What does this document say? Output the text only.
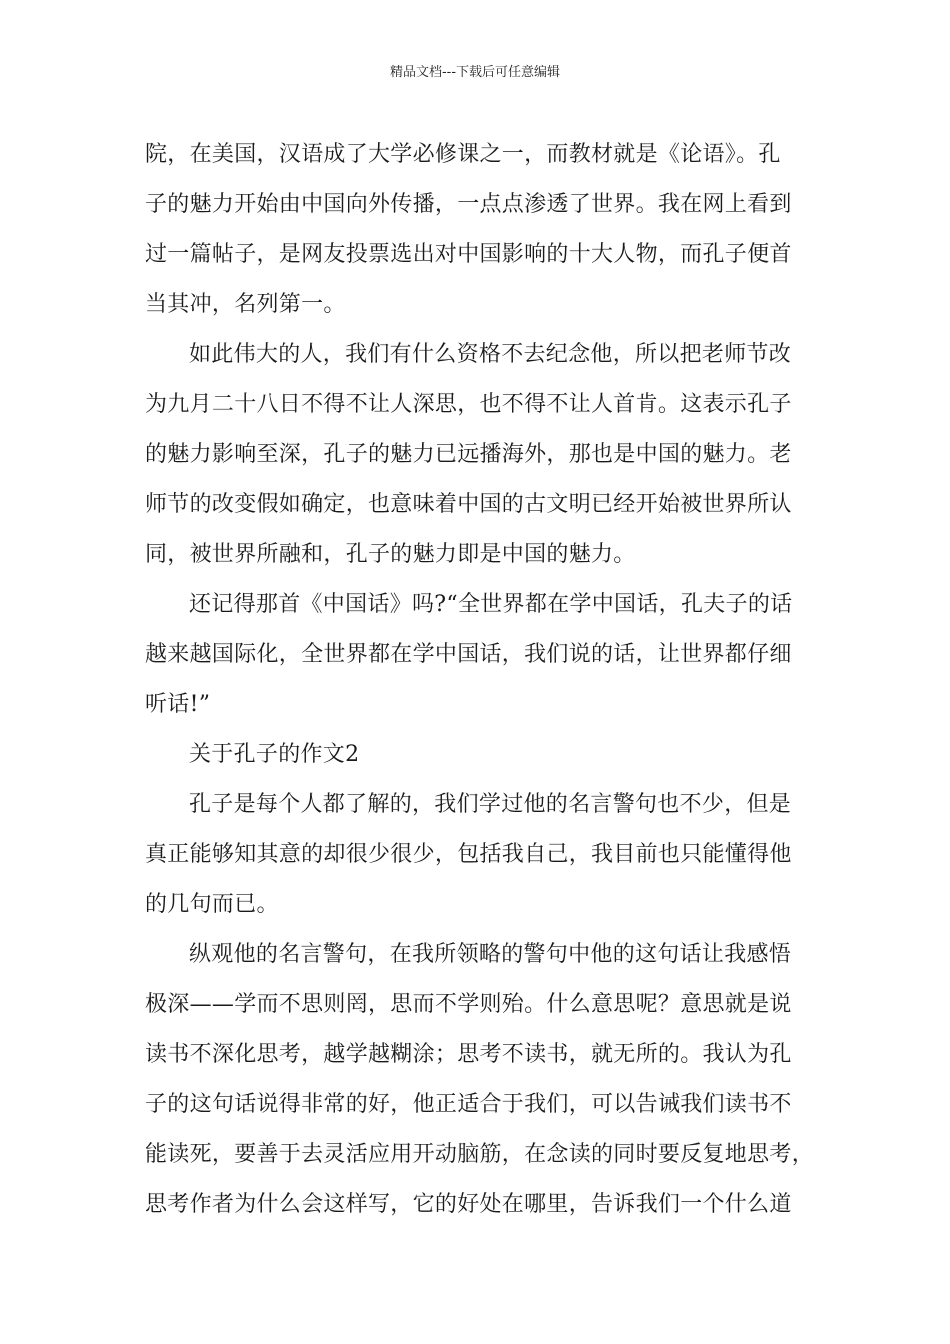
精品文档---下载后可任意编辑
院，在美国，汉语成了大学必修课之一，而教材就是《论语》。孔
子的魅力开始由中国向外传播，一点点渗透了世界。我在网上看到
过一篇帖子，是网友投票选出对中国影响的十大人物，而孔子便首
当其冲，名列第一。
如此伟大的人，我们有什么资格不去纪念他，所以把老师节改
为九月二十八日不得不让人深思，也不得不让人首肯。这表示孔子
的魅力影响至深，孔子的魅力已远播海外，那也是中国的魅力。老
师节的改变假如确定，也意味着中国的古文明已经开始被世界所认
同，被世界所融和，孔子的魅力即是中国的魅力。
还记得那首《中国话》吗?“全世界都在学中国话，孔夫子的话
越来越国际化，全世界都在学中国话，我们说的话，让世界都仔细
听话!”
关于孔子的作文2
孔子是每个人都了解的，我们学过他的名言警句也不少，但是
真正能够知其意的却很少很少，包括我自己，我目前也只能懂得他
的几句而已。
纵观他的名言警句，在我所领略的警句中他的这句话让我感悟
极深——学而不思则罔，思而不学则殆。什么意思呢？意思就是说
读书不深化思考，越学越糊涂；思考不读书，就无所的。我认为孔
子的这句话说得非常的好，他正适合于我们，可以告诫我们读书不
能读死，要善于去灵活应用开动脑筋，在念读的同时要反复地思考，
思考作者为什么会这样写，它的好处在哪里，告诉我们一个什么道
